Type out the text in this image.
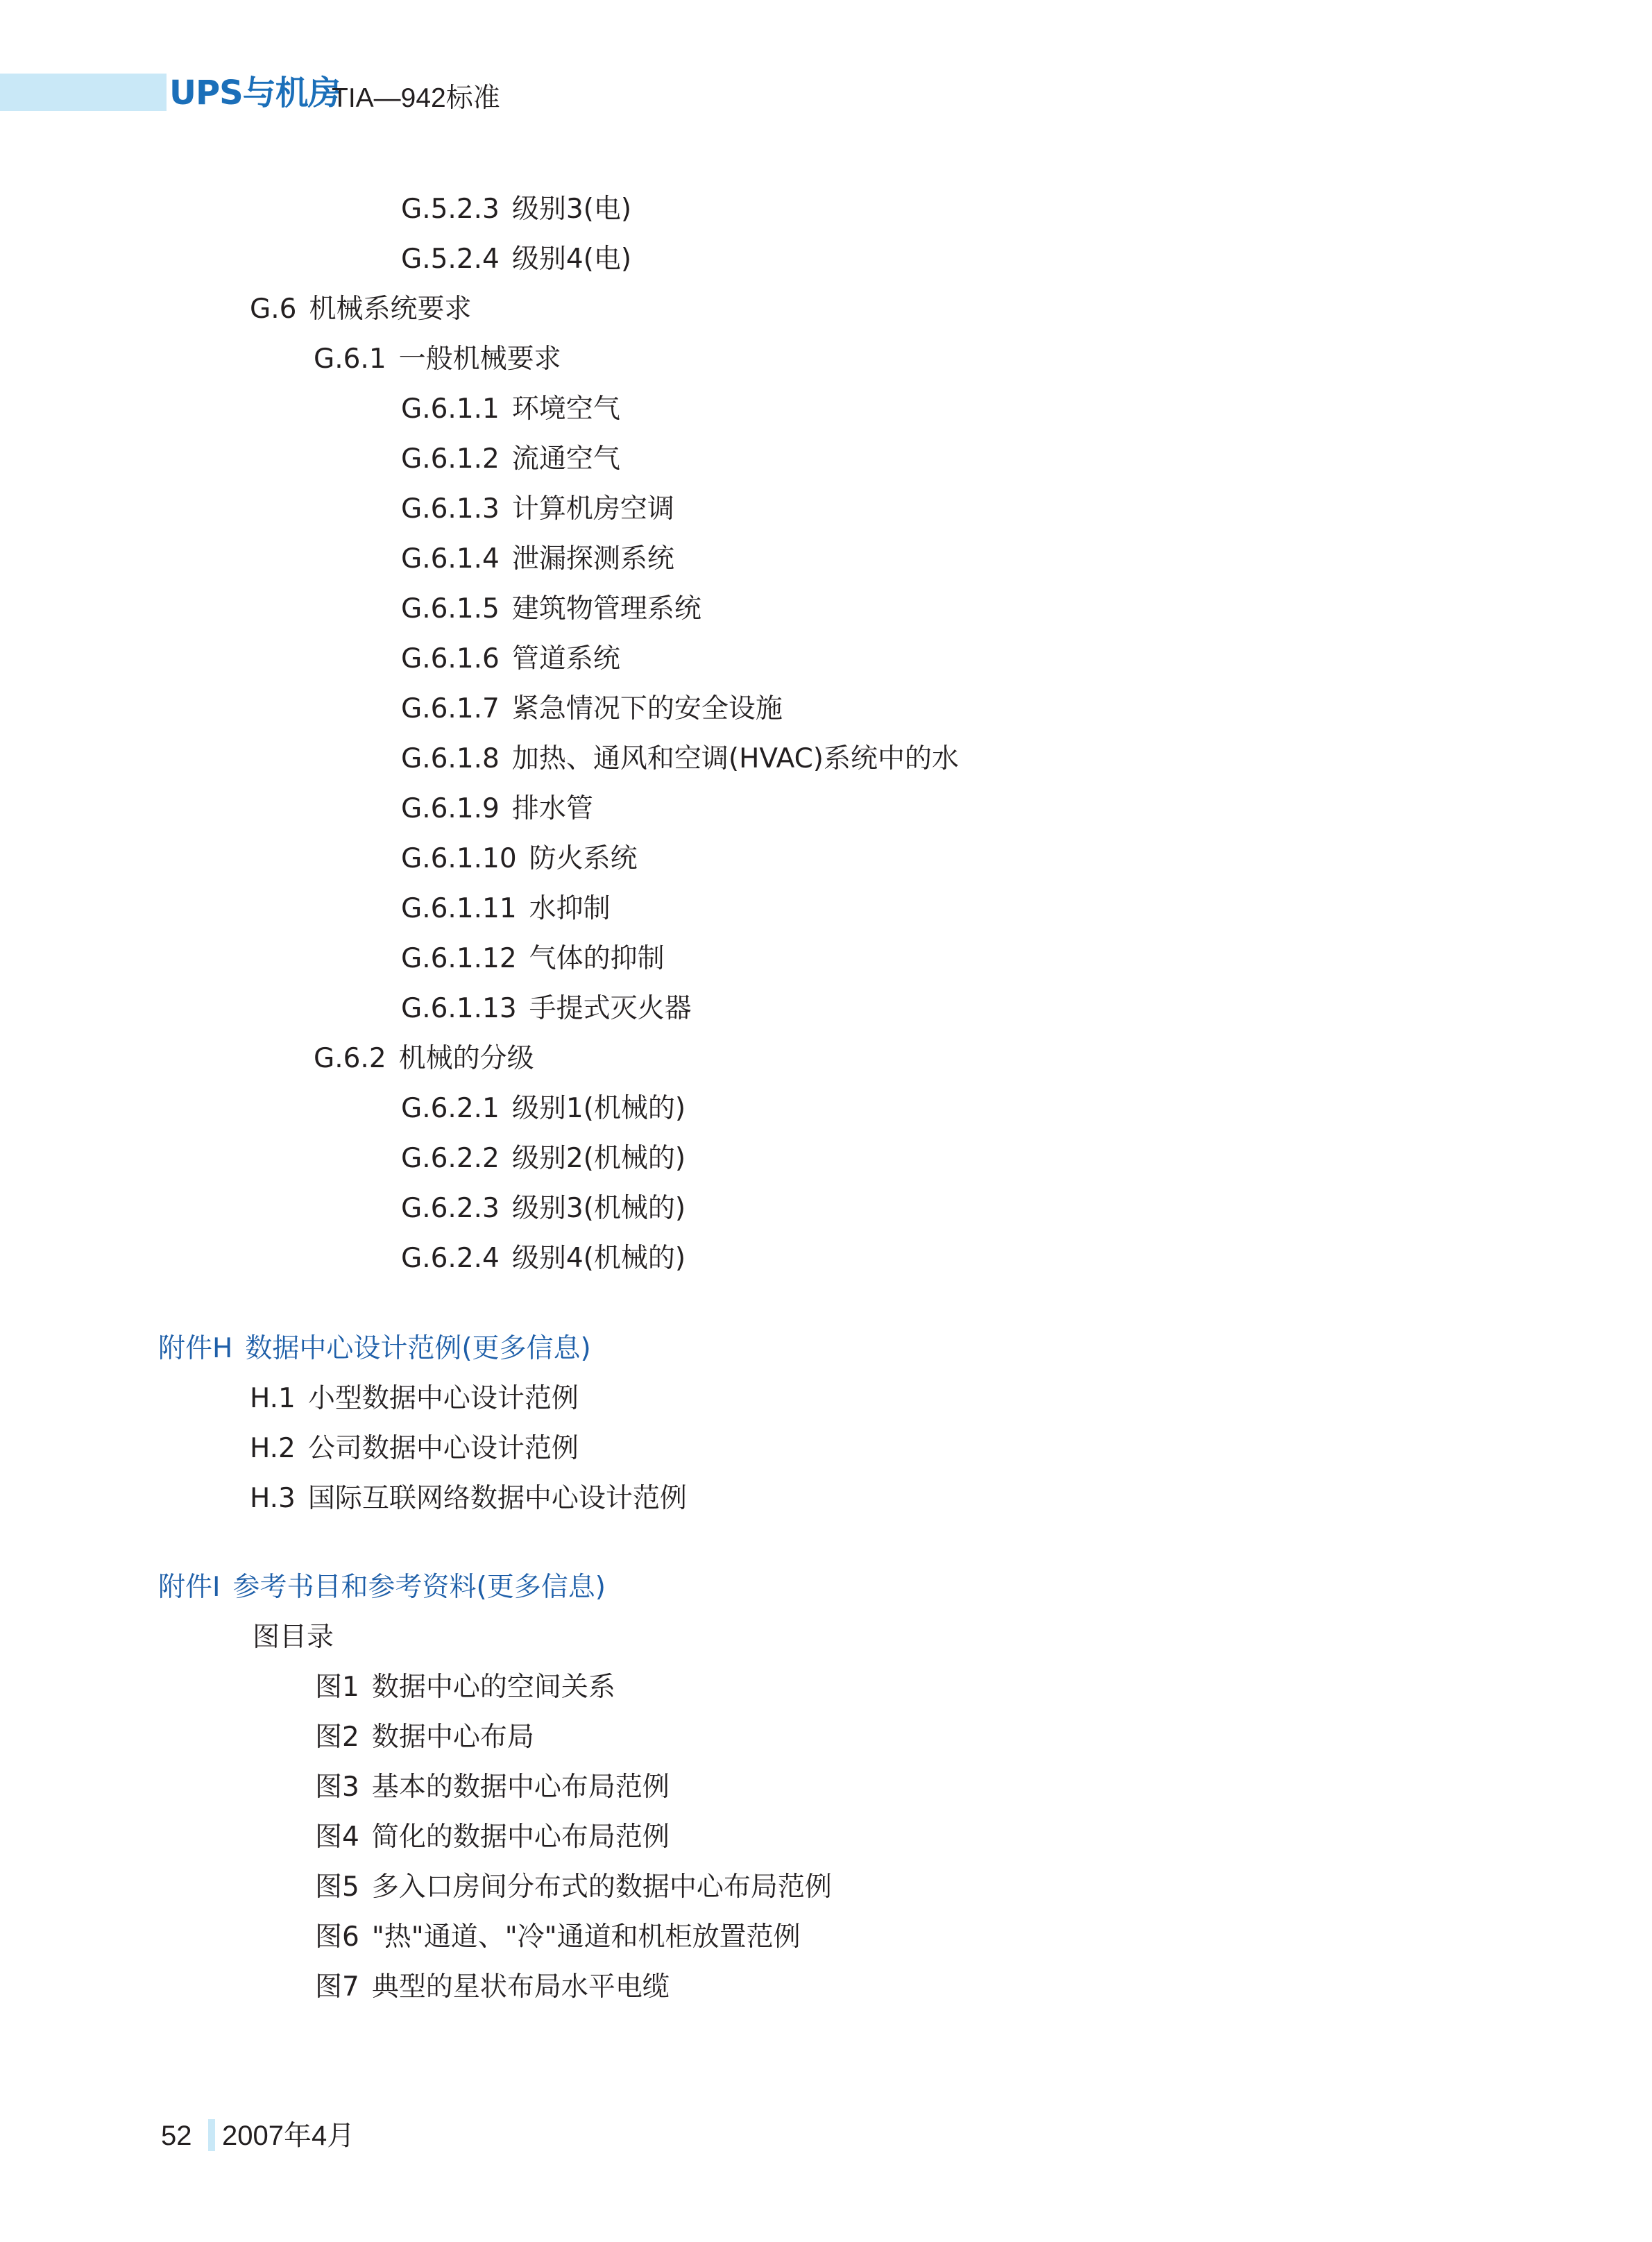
UPS与机房
TIA—942标准
G.5.2.3 级别3(电)
G.5.2.4 级别4(电)
G.6 机械系统要求
G.6.1 一般机械要求
G.6.1.1 环境空气
G.6.1.2 流通空气
G.6.1.3 计算机房空调
G.6.1.4 泄漏探测系统
G.6.1.5 建筑物管理系统
G.6.1.6 管道系统
G.6.1.7 紧急情况下的安全设施
G.6.1.8 加热、通风和空调(HVAC)系统中的水
G.6.1.9 排水管
G.6.1.10 防火系统
G.6.1.11 水抑制
G.6.1.12 气体的抑制
G.6.1.13 手提式灭火器
G.6.2 机械的分级
G.6.2.1 级别1(机械的)
G.6.2.2 级别2(机械的)
G.6.2.3 级别3(机械的)
G.6.2.4 级别4(机械的)
附件H 数据中心设计范例(更多信息)
H.1 小型数据中心设计范例
H.2 公司数据中心设计范例
H.3 国际互联网络数据中心设计范例
附件I 参考书目和参考资料(更多信息)
图目录
图1 数据中心的空间关系
图2 数据中心布局
图3 基本的数据中心布局范例
图4 简化的数据中心布局范例
图5 多入口房间分布式的数据中心布局范例
图6 "热"通道、"冷"通道和机柜放置范例
图7 典型的星状布局水平电缆
52 2007年4月
